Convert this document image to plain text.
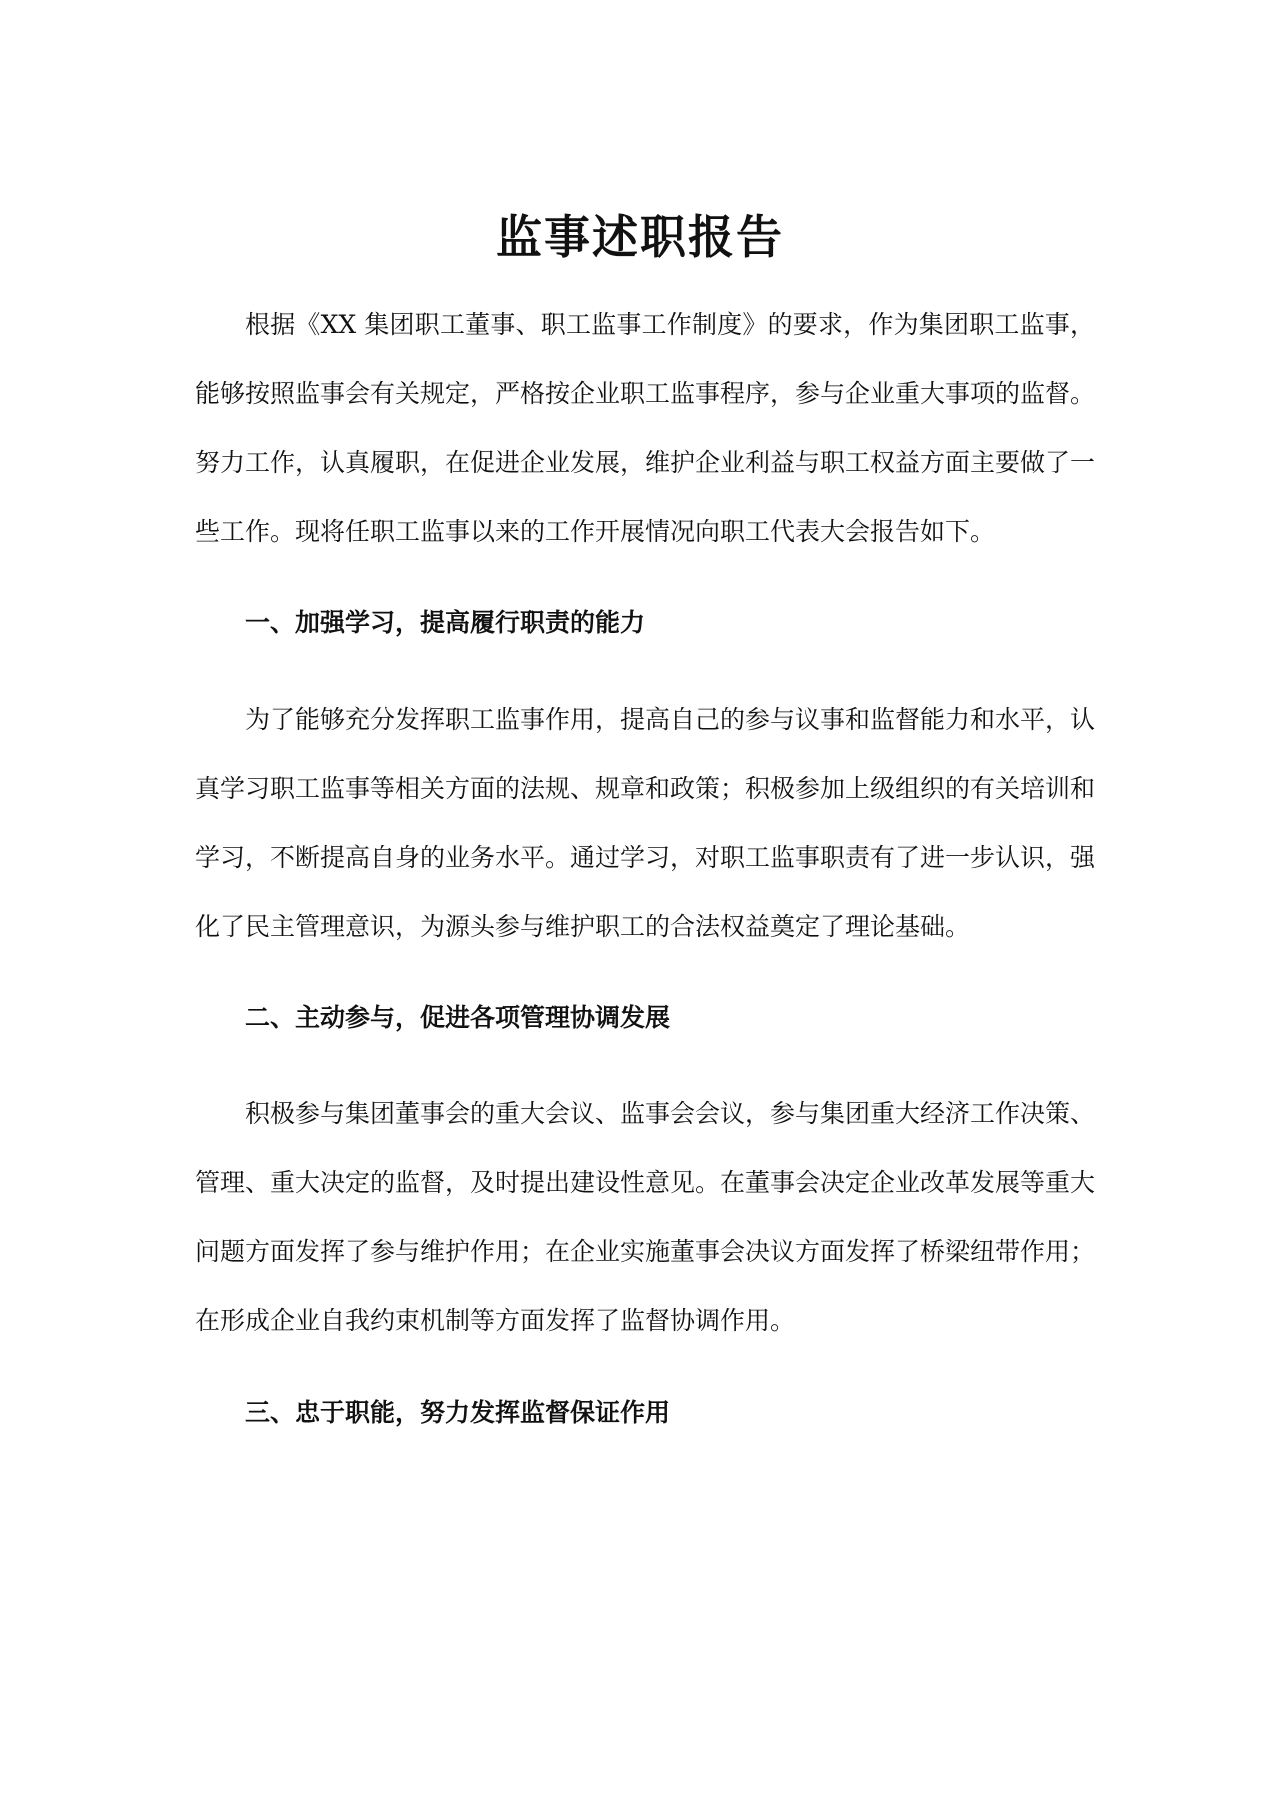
监事述职报告

根据《XX 集团职工董事、职工监事工作制度》的要求，作为集团职工监事，能够按照监事会有关规定，严格按企业职工监事程序，参与企业重大事项的监督。努力工作，认真履职，在促进企业发展，维护企业利益与职工权益方面主要做了一些工作。现将任职工监事以来的工作开展情况向职工代表大会报告如下。

一、加强学习，提高履行职责的能力

为了能够充分发挥职工监事作用，提高自己的参与议事和监督能力和水平，认真学习职工监事等相关方面的法规、规章和政策；积极参加上级组织的有关培训和学习，不断提高自身的业务水平。通过学习，对职工监事职责有了进一步认识，强化了民主管理意识，为源头参与维护职工的合法权益奠定了理论基础。

二、主动参与，促进各项管理协调发展

积极参与集团董事会的重大会议、监事会会议，参与集团重大经济工作决策、管理、重大决定的监督，及时提出建设性意见。在董事会决定企业改革发展等重大问题方面发挥了参与维护作用；在企业实施董事会决议方面发挥了桥梁纽带作用；在形成企业自我约束机制等方面发挥了监督协调作用。

三、忠于职能，努力发挥监督保证作用
